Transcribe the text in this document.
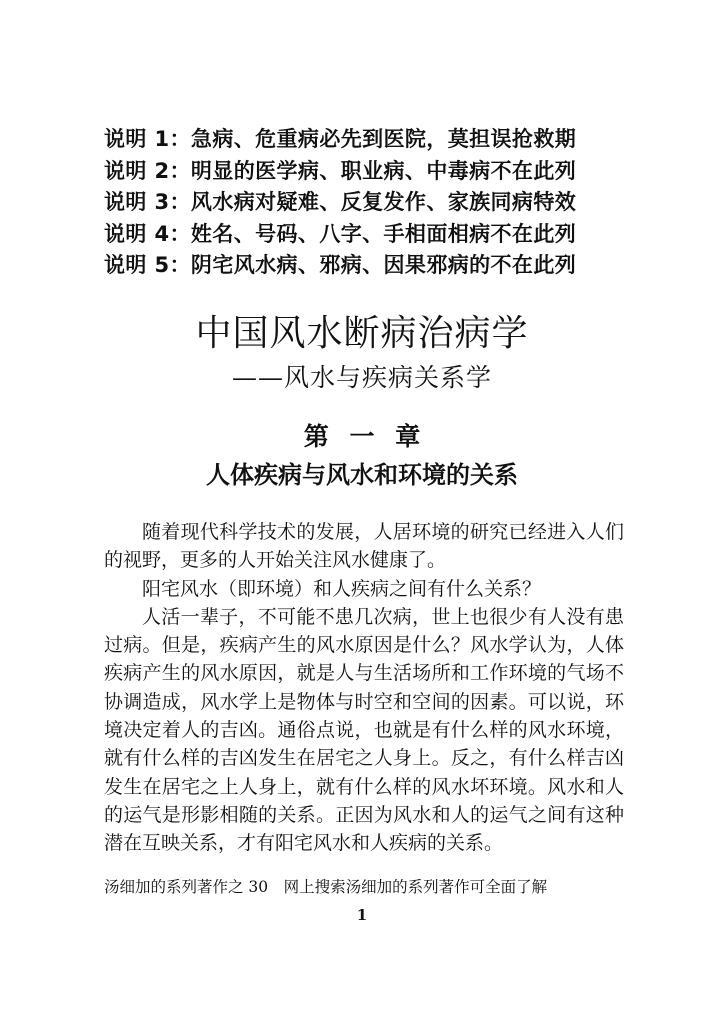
说明 1：急病、危重病必先到医院，莫担误抢救期
说明 2：明显的医学病、职业病、中毒病不在此列
说明 3：风水病对疑难、反复发作、家族同病特效
说明 4：姓名、号码、八字、手相面相病不在此列
说明 5：阴宅风水病、邪病、因果邪病的不在此列
中国风水断病治病学
——风水与疾病关系学
第 一 章
人体疾病与风水和环境的关系

随着现代科学技术的发展，人居环境的研究已经进入人们的视野，更多的人开始关注风水健康了。

阳宅风水（即环境）和人疾病之间有什么关系？

人活一辈子，不可能不患几次病，世上也很少有人没有患过病。但是，疾病产生的风水原因是什么？风水学认为，人体疾病产生的风水原因，就是人与生活场所和工作环境的气场不协调造成，风水学上是物体与时空和空间的因素。可以说，环境决定着人的吉凶。通俗点说，也就是有什么样的风水环境，就有什么样的吉凶发生在居宅之人身上。反之，有什么样吉凶发生在居宅之上人身上，就有什么样的风水坏环境。风水和人的运气是形影相随的关系。正因为风水和人的运气之间有这种潜在互映关系，才有阳宅风水和人疾病的关系。

汤细加的系列著作之 30　网上搜索汤细加的系列著作可全面了解
1
